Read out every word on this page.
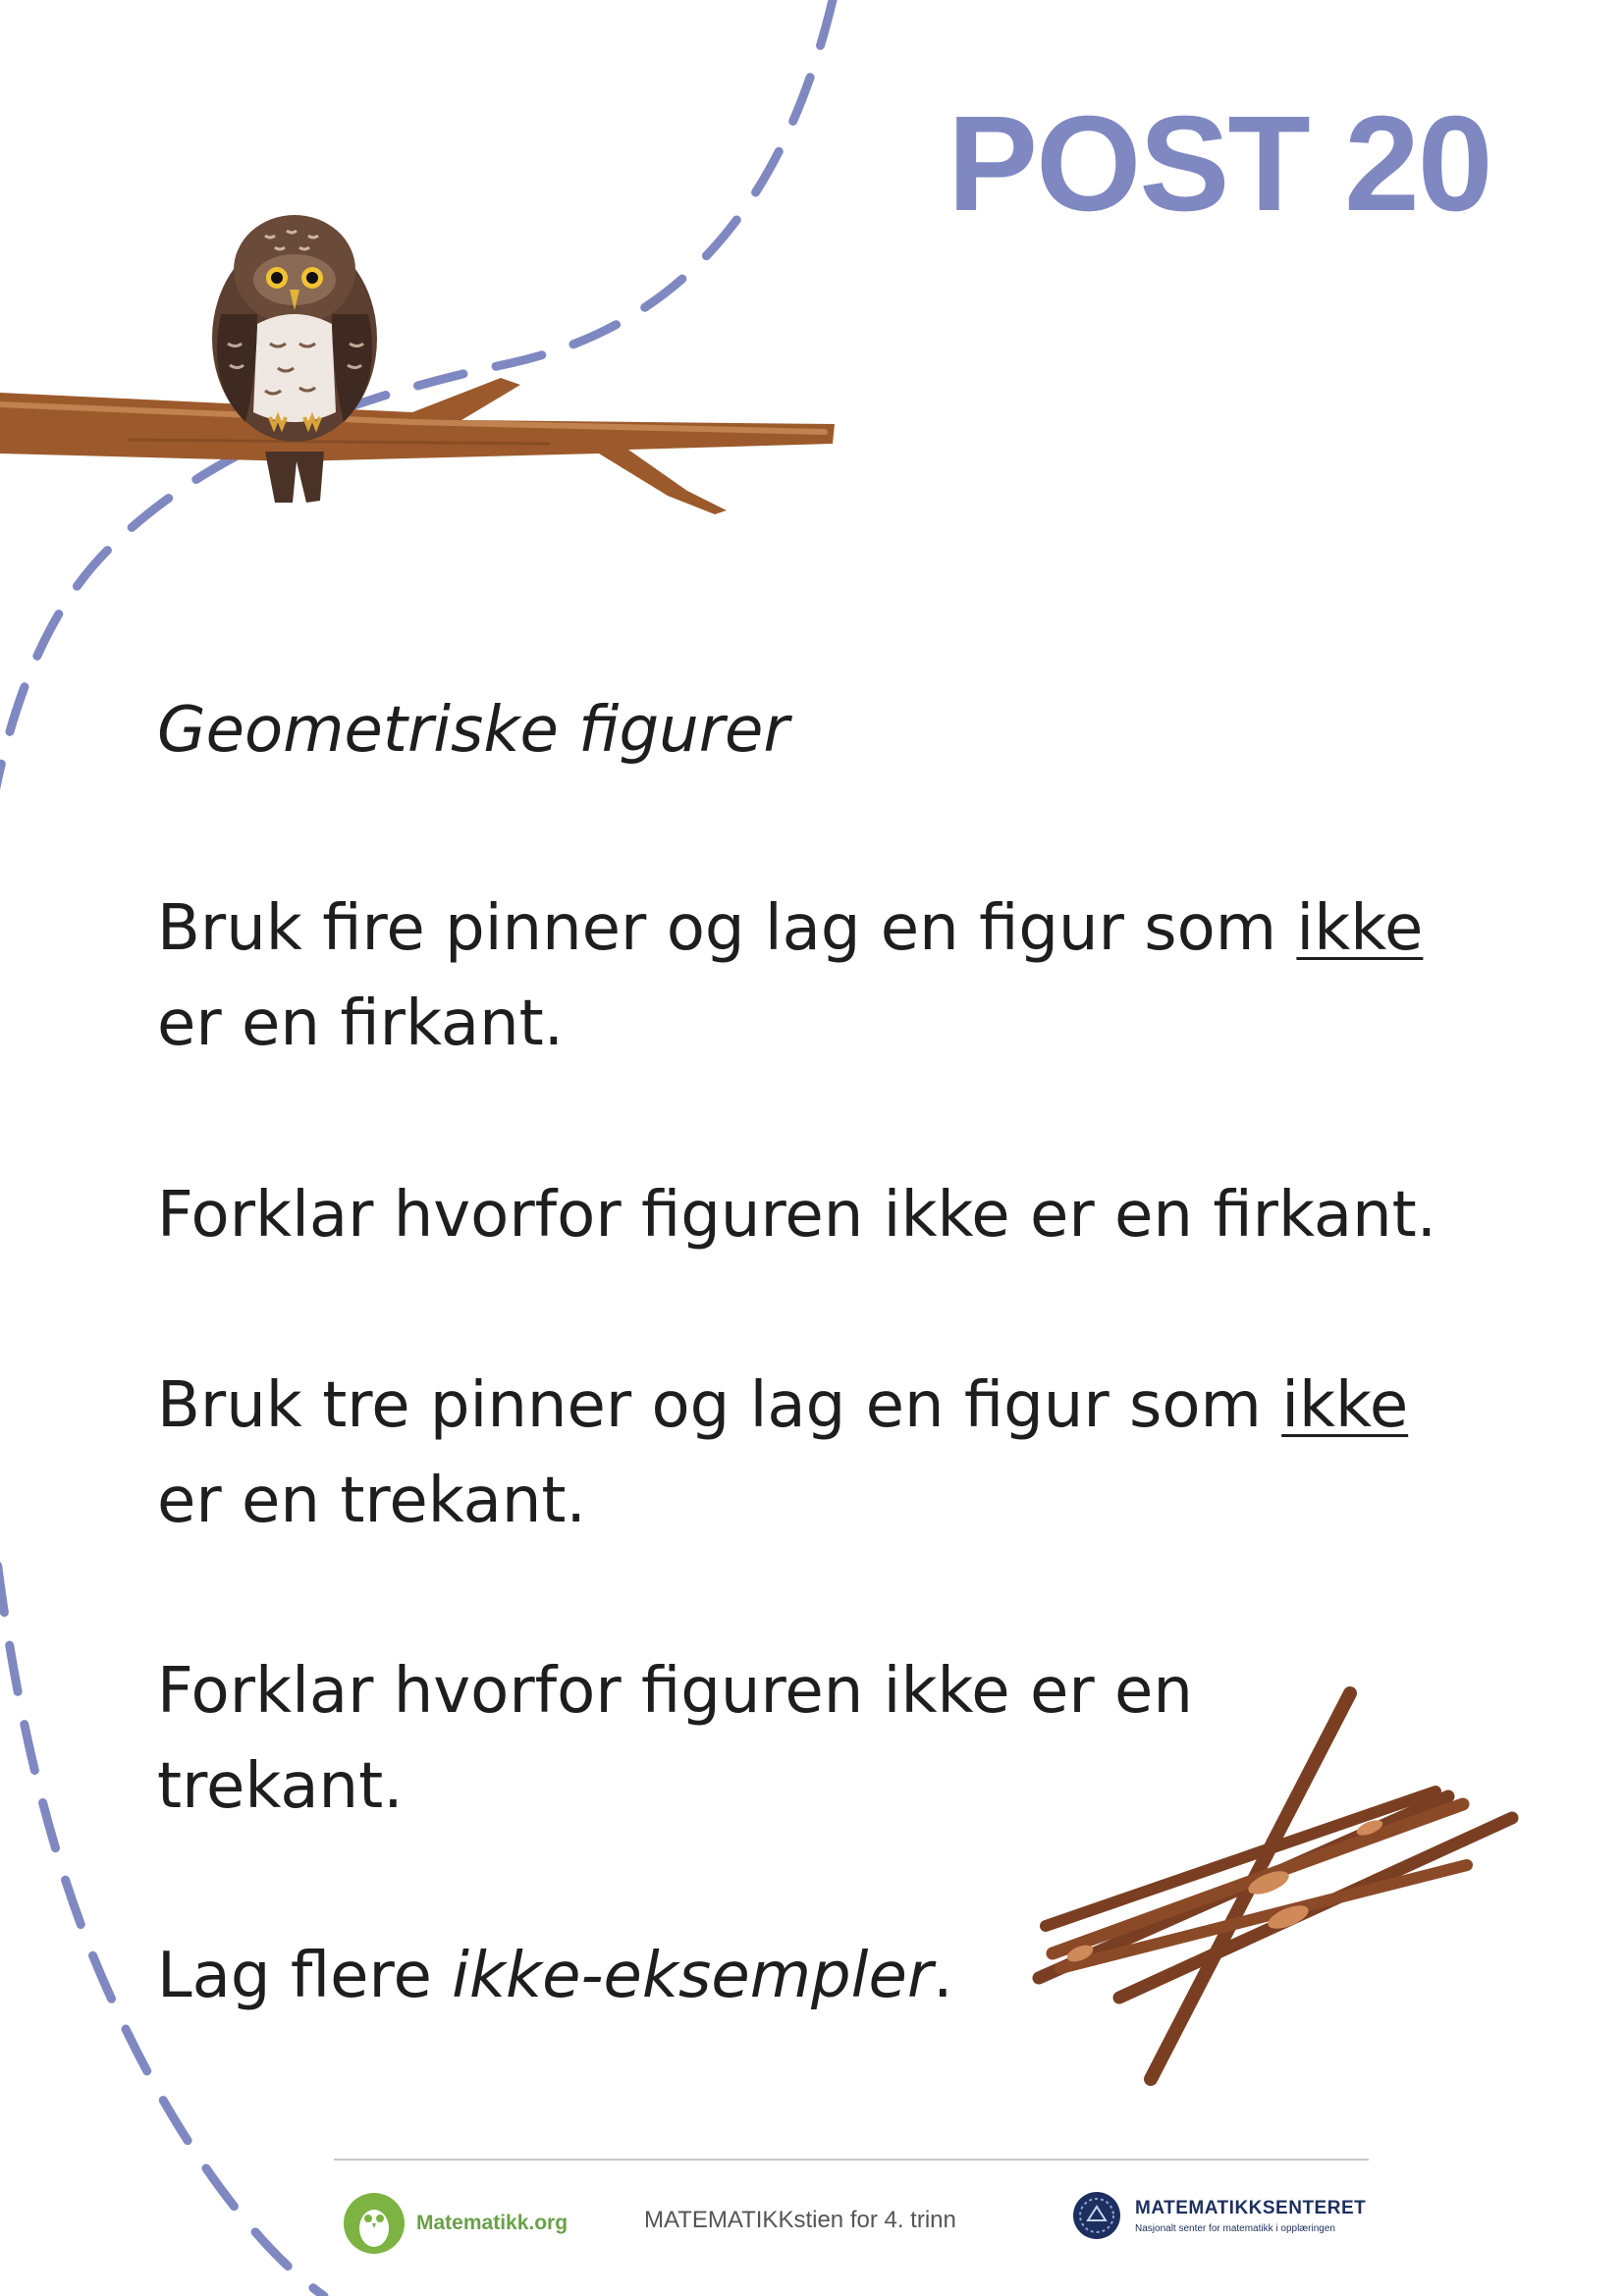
POST 20

Geometriske figurer

Bruk fire pinner og lag en figur som ikke
er en firkant.
Forklar hvorfor figuren ikke er en firkant.
Bruk tre pinner og lag en figur som ikke
er en trekant.
Forklar hvorfor figuren ikke er en
trekant.
Lag flere ikke-eksempler.
Matematikk.org	MATEMATIKKstien for 4. trinn	MATEMATIKKSENTERET
Nasjonalt senter for matematikk i opplæringen
